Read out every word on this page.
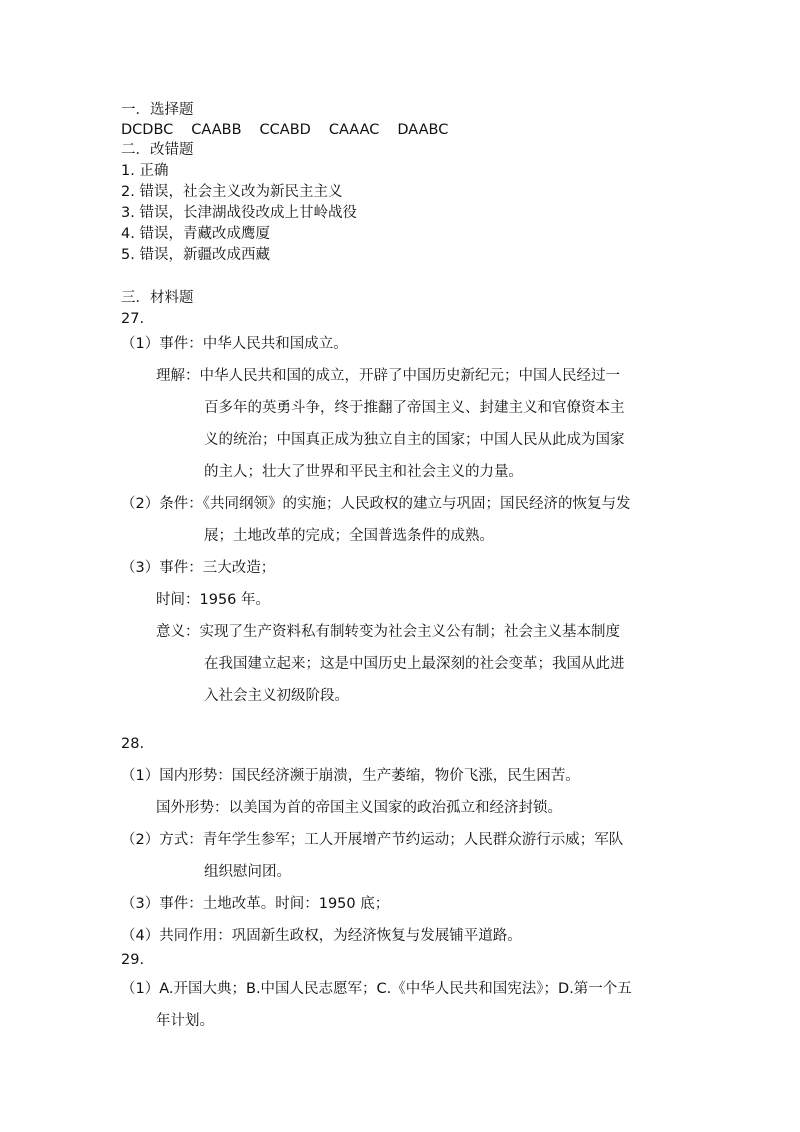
一．选择题
DCDBC CAABB CCABD CAAAC DAABC
二．改错题
1. 正确
2. 错误，社会主义改为新民主主义
3. 错误，长津湖战役改成上甘岭战役
4. 错误，青藏改成鹰厦
5. 错误，新疆改成西藏
三．材料题
27.
（1）事件：中华人民共和国成立。
理解：中华人民共和国的成立，开辟了中国历史新纪元；中国人民经过一
百多年的英勇斗争，终于推翻了帝国主义、封建主义和官僚资本主
义的统治；中国真正成为独立自主的国家；中国人民从此成为国家
的主人；壮大了世界和平民主和社会主义的力量。
（2）条件：《共同纲领》的实施；人民政权的建立与巩固；国民经济的恢复与发
展；土地改革的完成；全国普选条件的成熟。
（3）事件：三大改造；
时间：1956 年。
意义：实现了生产资料私有制转变为社会主义公有制；社会主义基本制度
在我国建立起来；这是中国历史上最深刻的社会变革；我国从此进
入社会主义初级阶段。
28.
（1）国内形势：国民经济濒于崩溃，生产萎缩，物价飞涨，民生困苦。
国外形势：以美国为首的帝国主义国家的政治孤立和经济封锁。
（2）方式：青年学生参军；工人开展增产节约运动；人民群众游行示威；军队
组织慰问团。
（3）事件：土地改革。时间：1950 底；
（4）共同作用：巩固新生政权，为经济恢复与发展铺平道路。
29.
（1）A.开国大典；B.中国人民志愿军；C.《中华人民共和国宪法》；D.第一个五
年计划。
